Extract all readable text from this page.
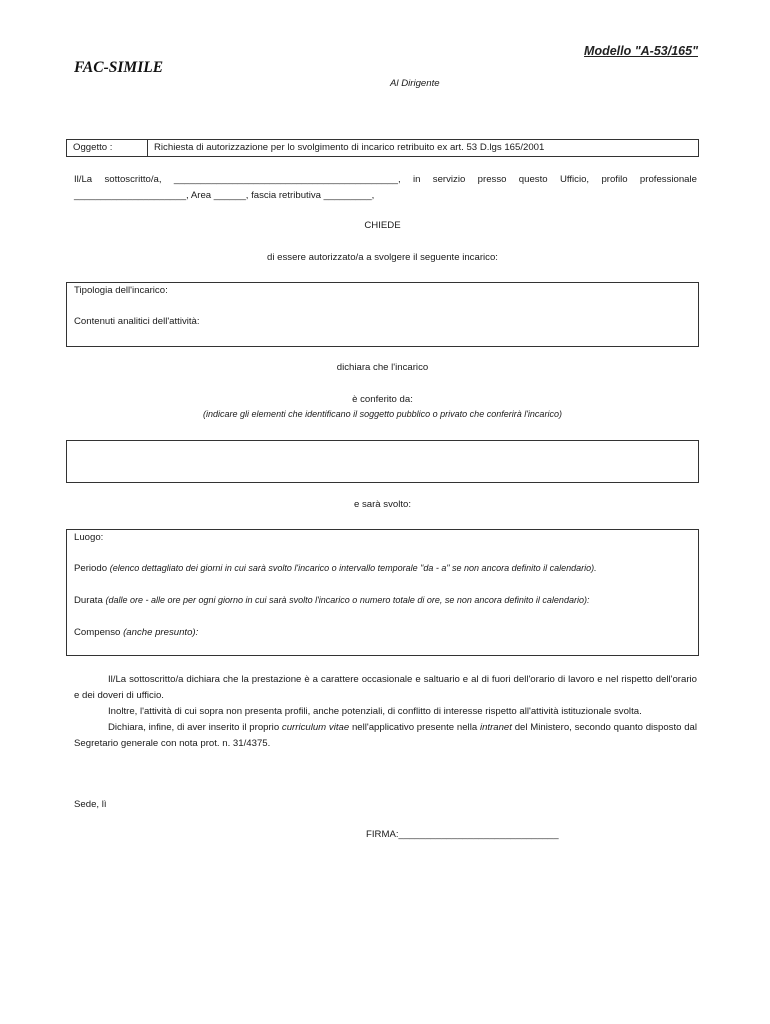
Modello "A-53/165"
FAC-SIMILE
Al Dirigente
Oggetto :	Richiesta di autorizzazione per lo svolgimento di incarico retribuito ex art. 53 D.lgs 165/2001
Il/La sottoscritto/a, __________________________________________, in servizio presso questo Ufficio, profilo professionale
_____________________, Area ______, fascia retributiva _________,
CHIEDE
di essere autorizzato/a a svolgere il seguente incarico:
Tipologia dell'incarico:
Contenuti analitici dell'attività:
dichiara che l'incarico
è conferito da:
(indicare gli elementi che identificano il soggetto pubblico o privato che conferirà l'incarico)
e sarà svolto:
Luogo:
Periodo (elenco dettagliato dei giorni in cui sarà svolto l'incarico o intervallo temporale "da - a" se non ancora definito il calendario).
Durata (dalle ore - alle ore per ogni giorno in cui sarà svolto l'incarico o numero totale di ore, se non ancora definito il calendario):
Compenso (anche presunto):
Il/La sottoscritto/a dichiara che la prestazione è a carattere occasionale e saltuario e al di fuori dell'orario di lavoro e nel rispetto dell'orario e dei doveri di ufficio.
Inoltre, l'attività di cui sopra non presenta profili, anche potenziali, di conflitto di interesse rispetto all'attività istituzionale svolta.
Dichiara, infine, di aver inserito il proprio curriculum vitae nell'applicativo presente nella intranet del Ministero, secondo quanto disposto dal Segretario generale con nota prot. n. 31/4375.
Sede, lì
FIRMA:______________________________
